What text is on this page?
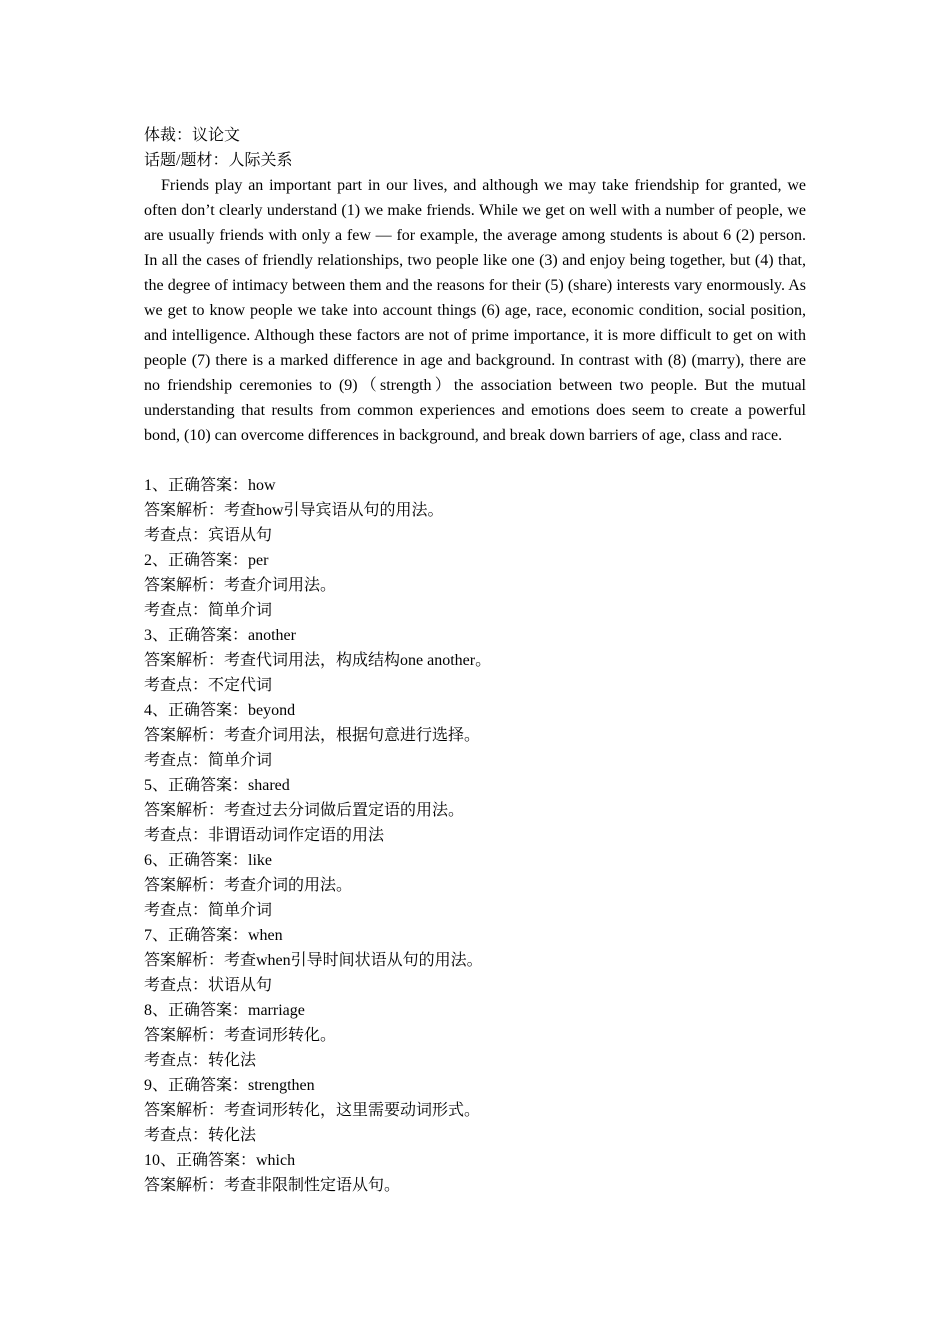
体裁：议论文
话题/题材：人际关系

Friends play an important part in our lives, and although we may take friendship for granted, we often don’t clearly understand (1) we make friends. While we get on well with a number of people, we are usually friends with only a few — for example, the average among students is about 6 (2) person. In all the cases of friendly relationships, two people like one (3) and enjoy being together, but (4) that, the degree of intimacy between them and the reasons for their (5) (share) interests vary enormously. As we get to know people we take into account things (6) age, race, economic condition, social position, and intelligence. Although these factors are not of prime importance, it is more difficult to get on with people (7) there is a marked difference in age and background. In contrast with (8) (marry), there are no friendship ceremonies to (9)（strength）the association between two people. But the mutual understanding that results from common experiences and emotions does seem to create a powerful bond, (10) can overcome differences in background, and break down barriers of age, class and race.

1、正确答案：how
答案解析：考查how引导宾语从句的用法。
考查点：宾语从句
2、正确答案：per
答案解析：考查介词用法。
考查点：简单介词
3、正确答案：another
答案解析：考查代词用法，构成结构one another。
考查点：不定代词
4、正确答案：beyond
答案解析：考查介词用法，根据句意进行选择。
考查点：简单介词
5、正确答案：shared
答案解析：考查过去分词做后置定语的用法。
考查点：非谓语动词作定语的用法
6、正确答案：like
答案解析：考查介词的用法。
考查点：简单介词
7、正确答案：when
答案解析：考查when引导时间状语从句的用法。
考查点：状语从句
8、正确答案：marriage
答案解析：考查词形转化。
考查点：转化法
9、正确答案：strengthen
答案解析：考查词形转化，这里需要动词形式。
考查点：转化法
10、正确答案：which
答案解析：考查非限制性定语从句。
